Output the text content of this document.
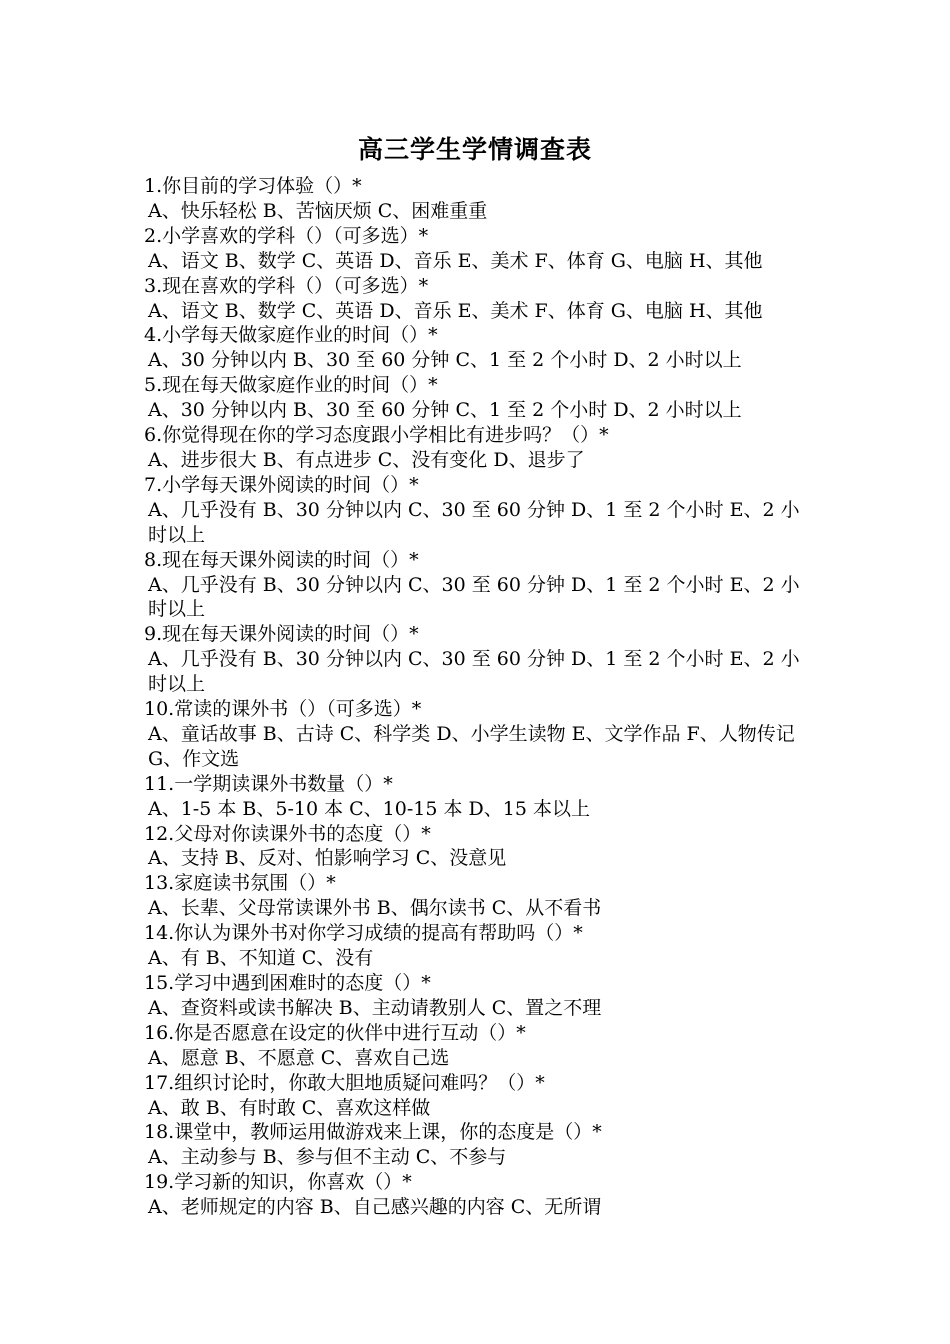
高三学生学情调查表
1.你目前的学习体验（）*
A、快乐轻松 B、苦恼厌烦 C、困难重重
2.小学喜欢的学科（）（可多选）*
A、语文 B、数学 C、英语 D、音乐 E、美术 F、体育 G、电脑 H、其他
3.现在喜欢的学科（）（可多选）*
A、语文 B、数学 C、英语 D、音乐 E、美术 F、体育 G、电脑 H、其他
4.小学每天做家庭作业的时间（）*
A、30 分钟以内 B、30 至 60 分钟 C、1 至 2 个小时 D、2 小时以上
5.现在每天做家庭作业的时间（）*
A、30 分钟以内 B、30 至 60 分钟 C、1 至 2 个小时 D、2 小时以上
6.你觉得现在你的学习态度跟小学相比有进步吗？（）*
A、进步很大 B、有点进步 C、没有变化 D、退步了
7.小学每天课外阅读的时间（）*
A、几乎没有 B、30 分钟以内 C、30 至 60 分钟 D、1 至 2 个小时 E、2 小时以上
8.现在每天课外阅读的时间（）*
A、几乎没有 B、30 分钟以内 C、30 至 60 分钟 D、1 至 2 个小时 E、2 小时以上
9.现在每天课外阅读的时间（）*
A、几乎没有 B、30 分钟以内 C、30 至 60 分钟 D、1 至 2 个小时 E、2 小时以上
10.常读的课外书（）（可多选）*
A、童话故事 B、古诗 C、科学类 D、小学生读物 E、文学作品 F、人物传记 G、作文选
11.一学期读课外书数量（）*
A、1-5 本 B、5-10 本 C、10-15 本 D、15 本以上
12.父母对你读课外书的态度（）*
A、支持 B、反对、怕影响学习 C、没意见
13.家庭读书氛围（）*
A、长辈、父母常读课外书 B、偶尔读书 C、从不看书
14.你认为课外书对你学习成绩的提高有帮助吗（）*
A、有 B、不知道 C、没有
15.学习中遇到困难时的态度（）*
A、查资料或读书解决 B、主动请教别人 C、置之不理
16.你是否愿意在设定的伙伴中进行互动（）*
A、愿意 B、不愿意 C、喜欢自己选
17.组织讨论时，你敢大胆地质疑问难吗？（）*
A、敢 B、有时敢 C、喜欢这样做
18.课堂中，教师运用做游戏来上课，你的态度是（）*
A、主动参与 B、参与但不主动 C、不参与
19.学习新的知识，你喜欢（）*
A、老师规定的内容 B、自己感兴趣的内容 C、无所谓
